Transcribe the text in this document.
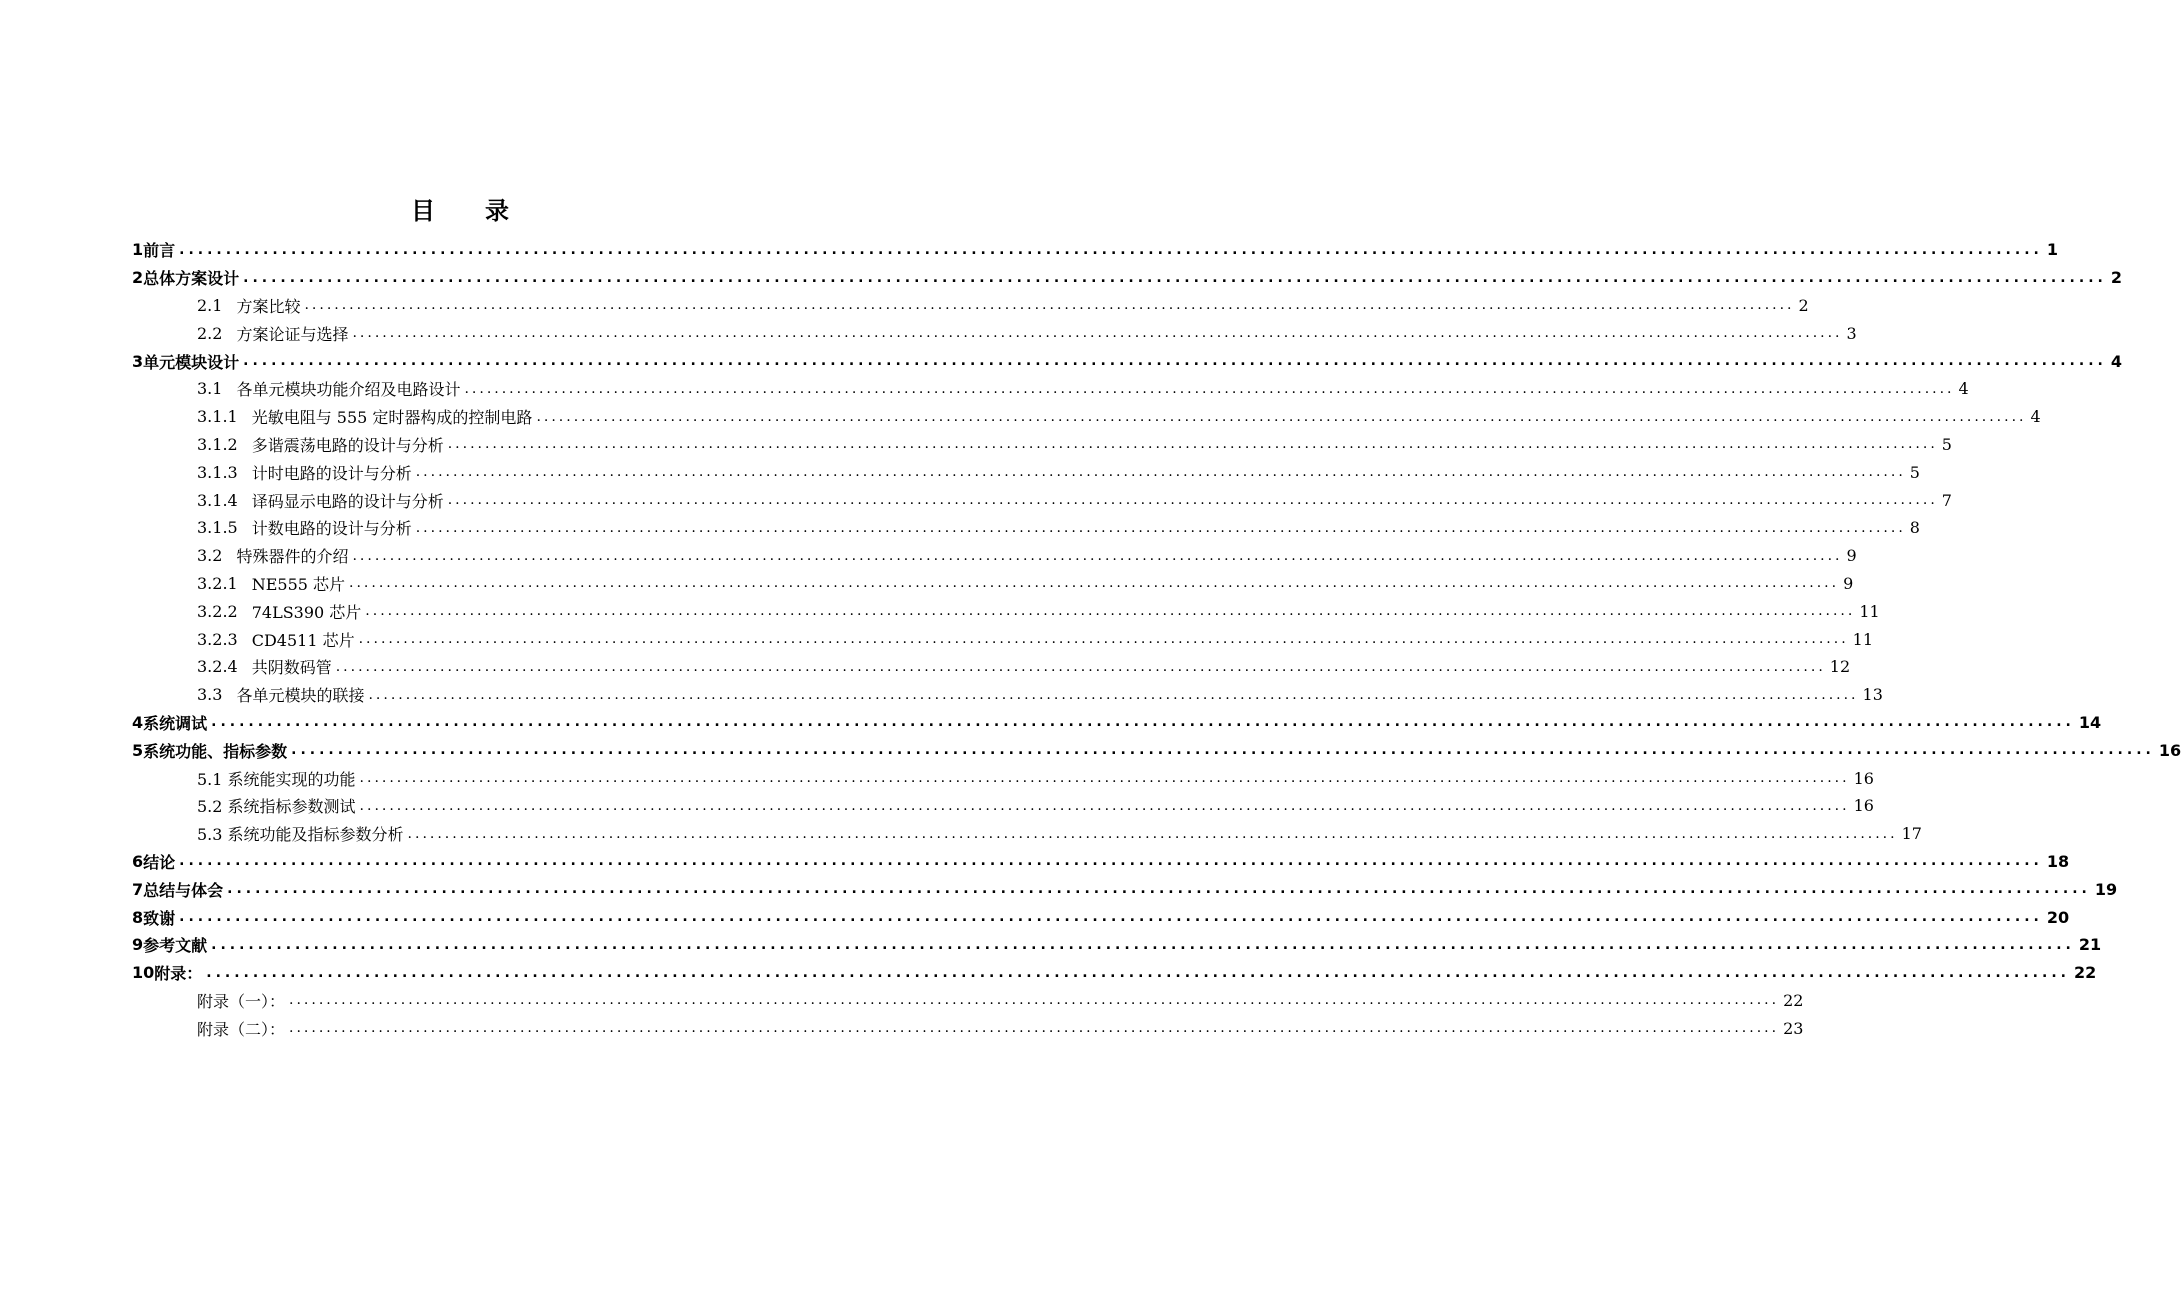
目 录
1 前言 ........................................................................................................................................................................................................ 1
2 总体方案设计 ........................................................................................................................................................................................................ 2
2.1 方案比较 ........................................................................................................................................................................................................ 2
2.2 方案论证与选择 ........................................................................................................................................................................................................ 3
3 单元模块设计 ........................................................................................................................................................................................................ 4
3.1 各单元模块功能介绍及电路设计 ........................................................................................................................................................................................................ 4
3.1.1 光敏电阻与 555 定时器构成的控制电路 ........................................................................................................................................................................................................ 4
3.1.2 多谐震荡电路的设计与分析 ........................................................................................................................................................................................................ 5
3.1.3 计时电路的设计与分析 ........................................................................................................................................................................................................ 5
3.1.4 译码显示电路的设计与分析 ........................................................................................................................................................................................................ 7
3.1.5 计数电路的设计与分析 ........................................................................................................................................................................................................ 8
3.2 特殊器件的介绍 ........................................................................................................................................................................................................ 9
3.2.1 NE555 芯片 ........................................................................................................................................................................................................ 9
3.2.2 74LS390 芯片 ........................................................................................................................................................................................................ 11
3.2.3 CD4511 芯片 ........................................................................................................................................................................................................ 11
3.2.4 共阴数码管 ........................................................................................................................................................................................................ 12
3.3 各单元模块的联接 ........................................................................................................................................................................................................ 13
4 系统调试 ........................................................................................................................................................................................................ 14
5 系统功能、指标参数 ........................................................................................................................................................................................................ 16
5.1 系统能实现的功能 ........................................................................................................................................................................................................ 16
5.2 系统指标参数测试 ........................................................................................................................................................................................................ 16
5.3 系统功能及指标参数分析 ........................................................................................................................................................................................................ 17
6 结论 ........................................................................................................................................................................................................ 18
7 总结与体会 ........................................................................................................................................................................................................ 19
8 致谢 ........................................................................................................................................................................................................ 20
9 参考文献 ........................................................................................................................................................................................................ 21
10 附录： ........................................................................................................................................................................................................ 22
附录（一）： ........................................................................................................................................................................................................ 22
附录（二）： ........................................................................................................................................................................................................ 23
